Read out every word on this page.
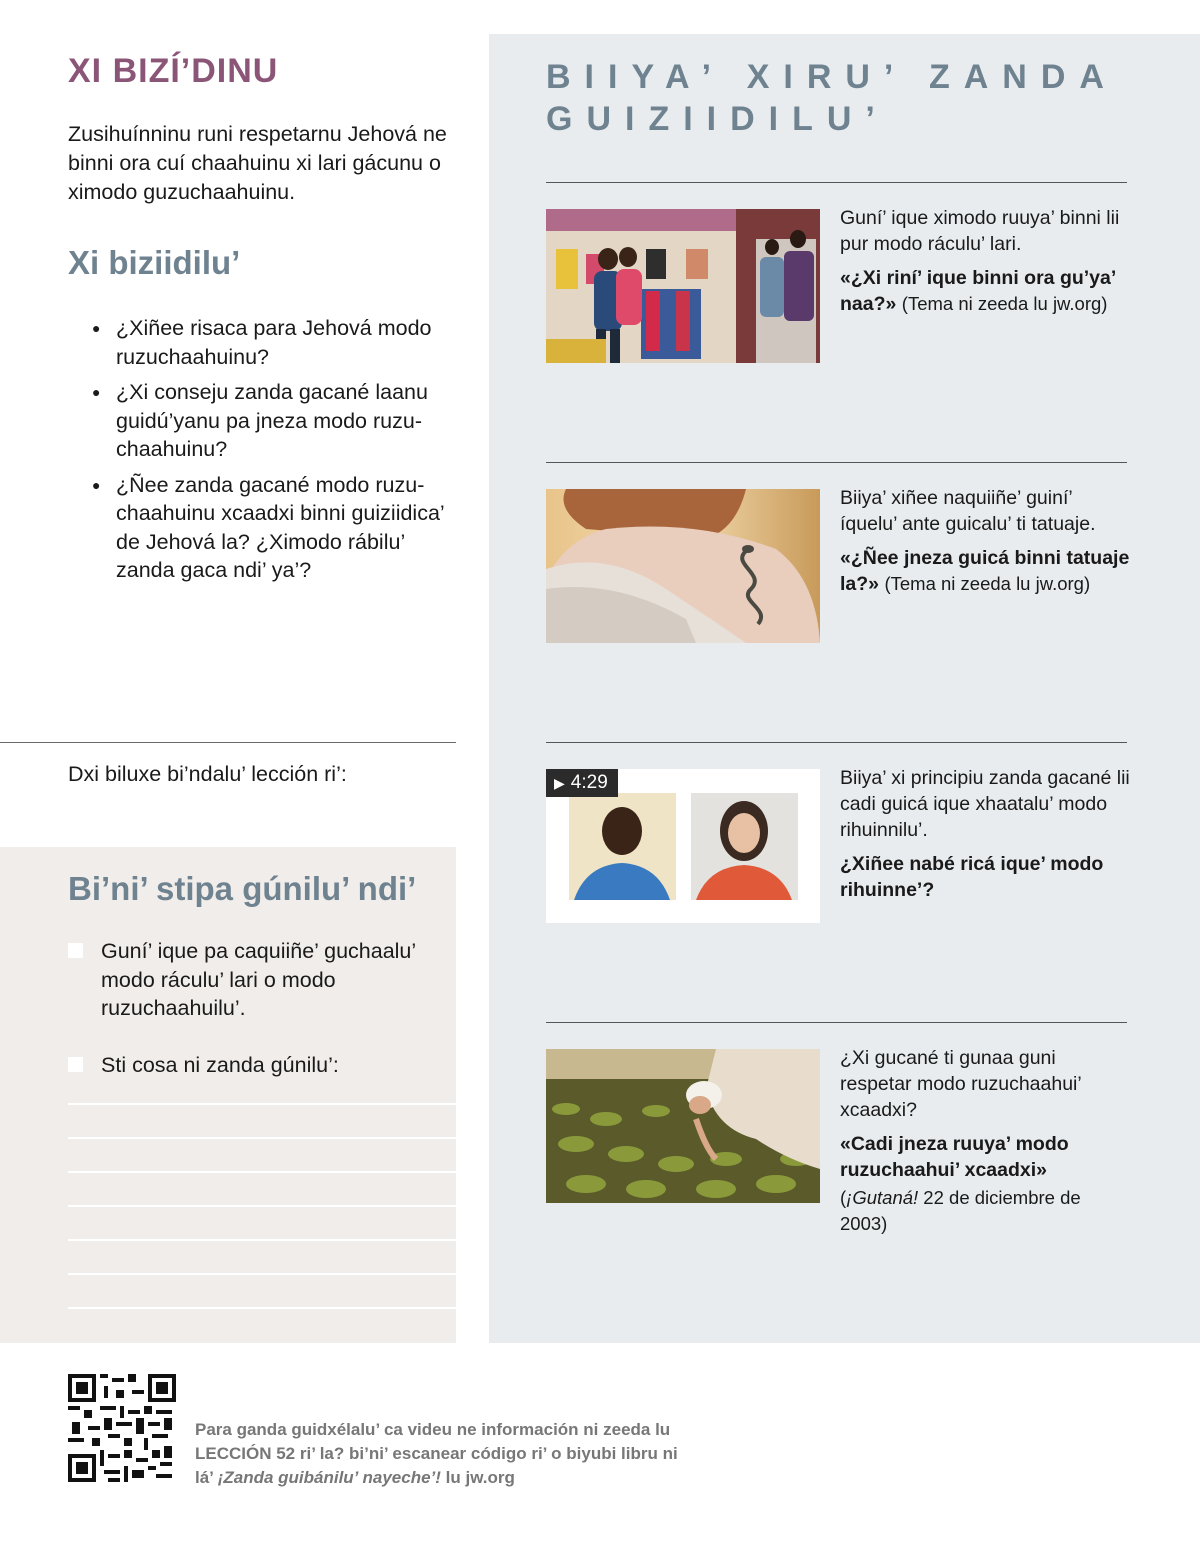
XI BIZÍ’DINU

Zusihuínninu runi respetarnu Jehová ne binni ora cuí chaahuinu xi lari gácunu o ximodo guzuchaahuinu.

Xi biziidilu’
● ¿Xiñee risaca para Jehová modo ruzuchaahuinu?
● ¿Xi conseju zanda gacané laanu guidú’yanu pa jneza modo ruzuchaahuinu?
● ¿Ñee zanda gacané modo ruzuchaahuinu xcaadxi binni guiziidica’ de Jehová la? ¿Ximodo rábilu’ zanda gaca ndi’ ya’?

Dxi biluxe bi’ndalu’ lección ri’:

Bi’ni’ stipa gúnilu’ ndi’
Guní’ ique pa caquiiñe’ guchaalu’ modo ráculu’ lari o modo ruzuchaahuilu’.
Sti cosa ni zanda gúnilu’:
BIIYA’ XIRU’ ZANDA GUIZIIDILU’

Guní’ ique ximodo ruuya’ binni lii pur modo ráculu’ lari.

«¿Xi riní’ ique binni ora gu’ya’ naa?» (Tema ni zeeda lu jw.org)

Biiya’ xiñee naquiiñe’ guiní’ íquelu’ ante guicalu’ ti tatuaje.

«¿Ñee jneza guicá binni tatuaje la?» (Tema ni zeeda lu jw.org)

▶ 4:29	Biiya’ xi principiu zanda gacané lii cadi guicá ique xhaatalu’ modo rihuinnilu’.

¿Xiñee nabé ricá ique’ modo rihuinne’?

¿Xi gucané ti gunaa guni respetar modo ruzuchaahui’ xcaadxi?

«Cadi jneza ruuya’ modo ruzuchaahui’ xcaadxi»

(¡Gutaná! 22 de diciembre de 2003)

Para ganda guidxélalu’ ca videu ne información ni zeeda lu LECCIÓN 52 ri’ la? bi’ni’ escanear código ri’ o biyubi libru ni lá’ ¡Zanda guibánilu’ nayeche’! lu jw.org
